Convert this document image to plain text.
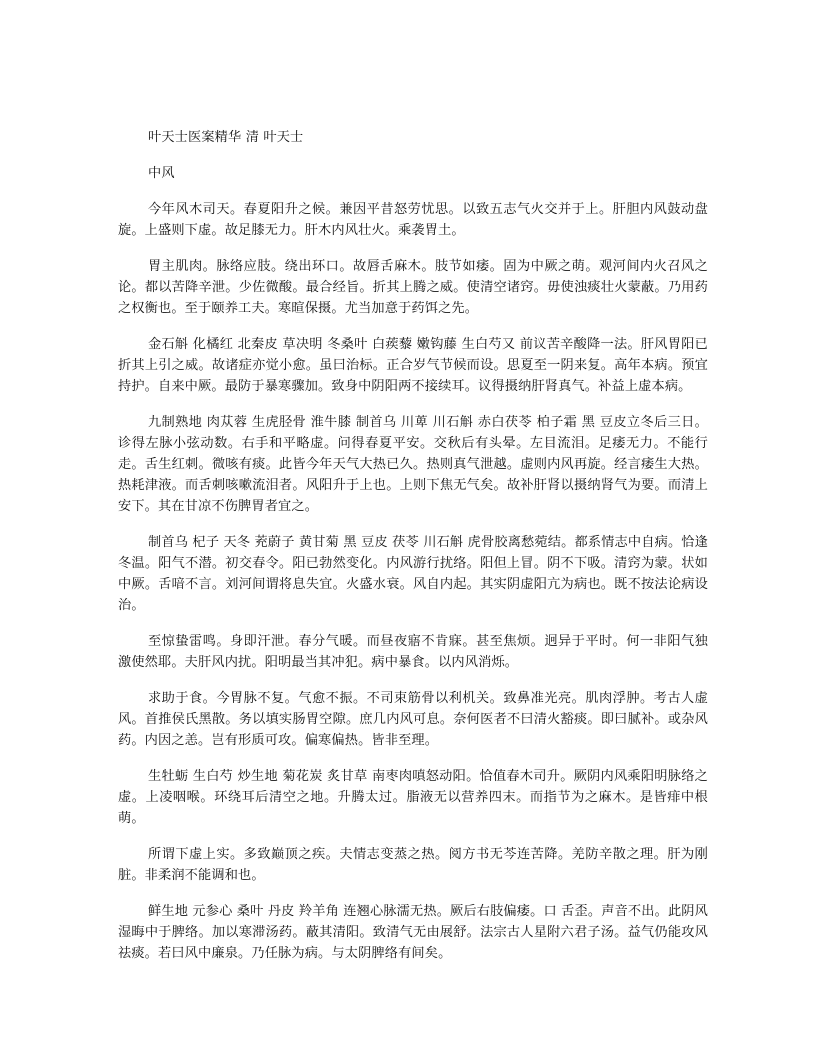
叶天士医案精华 清 叶天士

中风

今年风木司天。春夏阳升之候。兼因平昔怒劳忧思。以致五志气火交并于上。肝胆内风鼓动盘旋。上盛则下虚。故足膝无力。肝木内风壮火。乘袭胃土。

胃主肌肉。脉络应肢。绕出环口。故唇舌麻木。肢节如痿。固为中厥之萌。观河间内火召风之论。都以苦降辛泄。少佐微酸。最合经旨。折其上腾之威。使清空诸窍。毋使浊痰壮火蒙蔽。乃用药之权衡也。至于颐养工夫。寒暄保摄。尤当加意于药饵之先。

金石斛 化橘红 北秦皮 草决明 冬桑叶 白蒺藜 嫩钩藤 生白芍又 前议苦辛酸降一法。肝风胃阳已折其上引之威。故诸症亦觉小愈。虽曰治标。正合岁气节候而设。思夏至一阴来复。高年本病。预宜持护。自来中厥。最防于暴寒骤加。致身中阴阳两不接续耳。议得摄纳肝肾真气。补益上虚本病。

九制熟地 肉苁蓉 生虎胫骨 淮牛膝 制首乌 川萆 川石斛 赤白茯苓 柏子霜 黑 豆皮立冬后三日。诊得左脉小弦动数。右手和平略虚。问得春夏平安。交秋后有头晕。左目流泪。足痿无力。不能行走。舌生红刺。微咳有痰。此皆今年天气大热已久。热则真气泄越。虚则内风再旋。经言痿生大热。热耗津液。而舌刺咳嗽流泪者。风阳升于上也。上则下焦无气矣。故补肝肾以摄纳肾气为要。而清上安下。其在甘凉不伤脾胃者宜之。

制首乌 杞子 天冬 茺蔚子 黄甘菊 黑 豆皮 茯苓 川石斛 虎骨胶离愁菀结。都系情志中自病。恰逢冬温。阳气不潜。初交春令。阳已勃然变化。内风游行扰络。阳但上冒。阴不下吸。清窍为蒙。状如中厥。舌喑不言。刘河间谓将息失宜。火盛水衰。风自内起。其实阴虚阳亢为病也。既不按法论病设治。

至惊蛰雷鸣。身即汗泄。春分气暖。而昼夜寤不肯寐。甚至焦烦。迥异于平时。何一非阳气独激使然耶。夫肝风内扰。阳明最当其冲犯。病中暴食。以内风消烁。

求助于食。今胃脉不复。气愈不振。不司束筋骨以利机关。致鼻准光亮。肌肉浮肿。考古人虚风。首推侯氏黑散。务以填实肠胃空隙。庶几内风可息。奈何医者不曰清火豁痰。即曰腻补。或杂风药。内因之恙。岂有形质可攻。偏寒偏热。皆非至理。

生牡蛎 生白芍 炒生地 菊花炭 炙甘草 南枣肉嗔怒动阳。恰值春木司升。厥阴内风乘阳明脉络之虚。上凌咽喉。环绕耳后清空之地。升腾太过。脂液无以营养四末。而指节为之麻木。是皆痱中根萌。

所谓下虚上实。多致巅顶之疾。夫情志变蒸之热。阅方书无芩连苦降。羌防辛散之理。肝为刚脏。非柔润不能调和也。

鲜生地 元参心 桑叶 丹皮 羚羊角 连翘心脉濡无热。厥后右肢偏痿。口 舌歪。声音不出。此阴风湿晦中于脾络。加以寒滞汤药。蔽其清阳。致清气无由展舒。法宗古人星附六君子汤。益气仍能攻风祛痰。若曰风中廉泉。乃任脉为病。与太阴脾络有间矣。
